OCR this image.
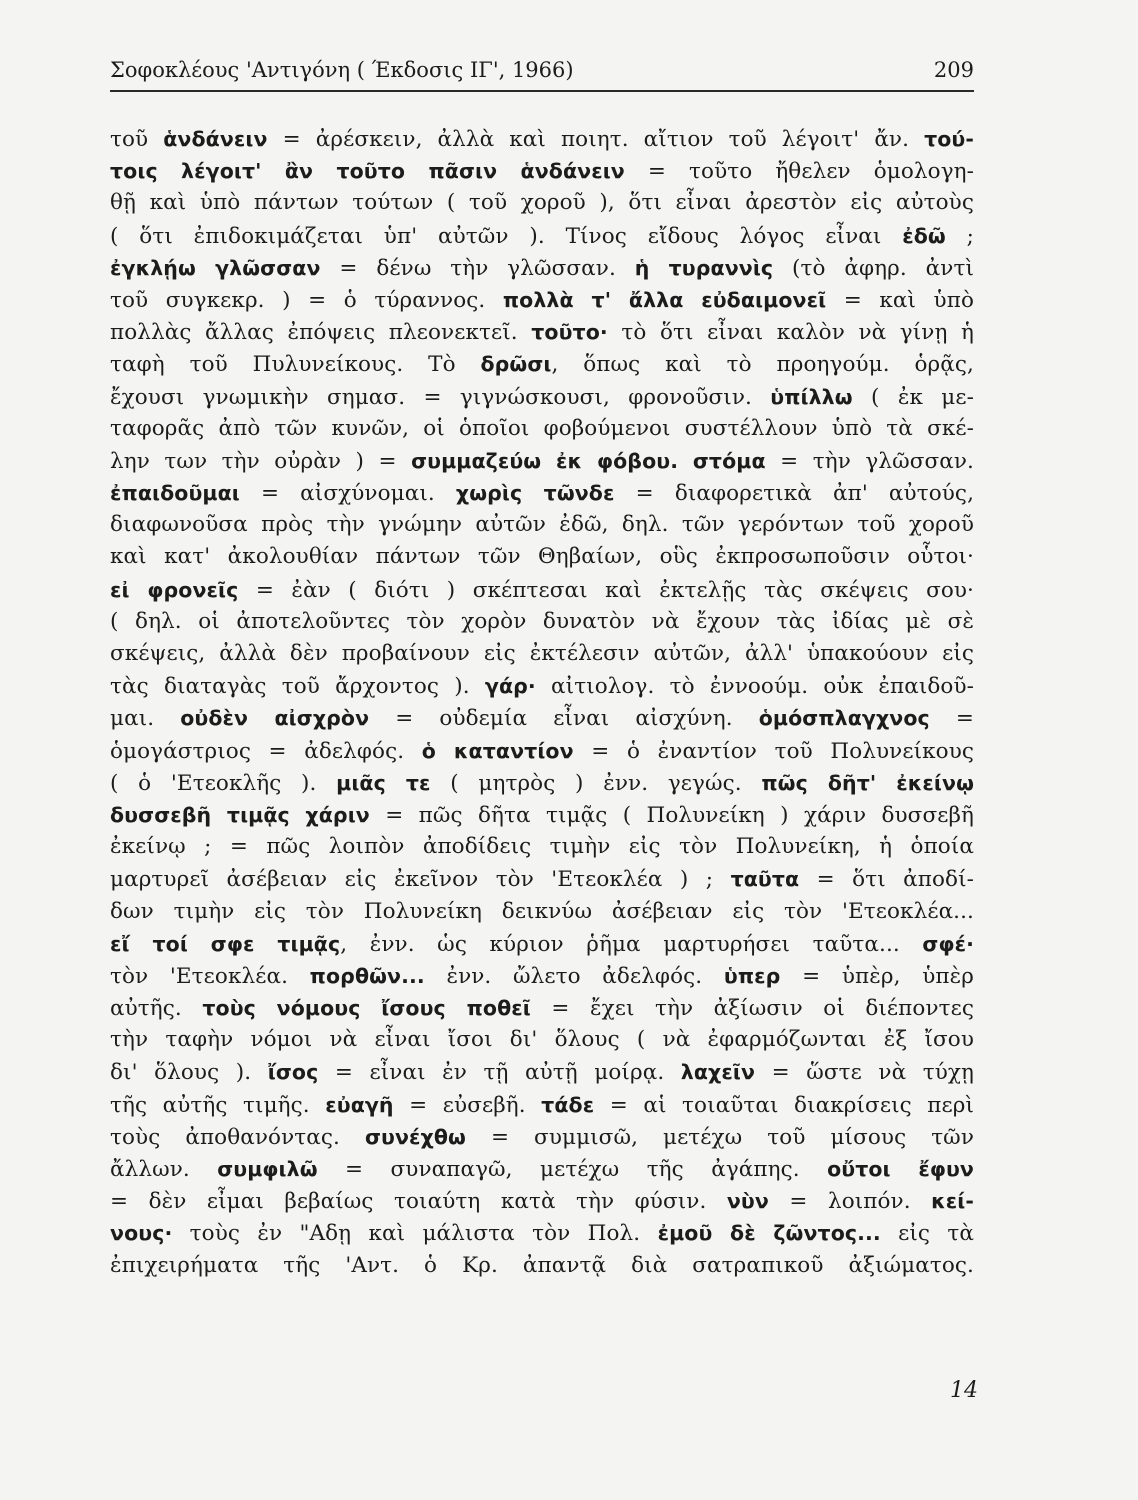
Σοφοκλέους 'Αντιγόνη ( Έκδοσις ΙΓ', 1966)	209
τοῦ ἁνδάνειν = ἀρέσκειν, ἀλλὰ καὶ ποιητ. αἴτιον τοῦ λέγοιτ' ἄν. τού-
τοις λέγοιτ' ἂν τοῦτο πᾶσιν ἁνδάνειν = τοῦτο ἤθελεν ὁμολογη-
θῇ καὶ ὑπὸ πάντων τούτων ( τοῦ χοροῦ ), ὅτι εἶναι ἀρεστὸν εἰς αὐτοὺς
( ὅτι ἐπιδοκιμάζεται ὑπ' αὐτῶν ). Τίνος εἴδους λόγος εἶναι ἐδῶ ;
ἐγκλῄω γλῶσσαν = δένω τὴν γλῶσσαν. ἡ τυραννὶς (τὸ ἀφηρ. ἀντὶ
τοῦ συγκεκρ. ) = ὁ τύραννος. πολλὰ τ' ἄλλα εὐδαιμονεῖ = καὶ ὑπὸ
πολλὰς ἄλλας ἐπόψεις πλεονεκτεῖ. τοῦτο· τὸ ὅτι εἶναι καλὸν νὰ γίνῃ ἡ
ταφὴ τοῦ Πυλυνείκους. Τὸ δρῶσι, ὅπως καὶ τὸ προηγούμ. ὁρᾷς,
ἔχουσι γνωμικὴν σημασ. = γιγνώσκουσι, φρονοῦσιν. ὑπίλλω ( ἐκ με-
ταφορᾶς ἀπὸ τῶν κυνῶν, οἱ ὁποῖοι φοβούμενοι συστέλλουν ὑπὸ τὰ σκέ-
λην των τὴν οὐρὰν ) = συμμαζεύω ἐκ φόβου. στόμα = τὴν γλῶσσαν.
ἐπαιδοῦμαι = αἰσχύνομαι. χωρὶς τῶνδε = διαφορετικὰ ἀπ' αὐτούς,
διαφωνοῦσα πρὸς τὴν γνώμην αὐτῶν ἐδῶ, δηλ. τῶν γερόντων τοῦ χοροῦ
καὶ κατ' ἀκολουθίαν πάντων τῶν Θηβαίων, οὓς ἐκπροσωποῦσιν οὗτοι·
εἰ φρονεῖς = ἐὰν ( διότι ) σκέπτεσαι καὶ ἐκτελῇς τὰς σκέψεις σου·
( δηλ. οἱ ἀποτελοῦντες τὸν χορὸν δυνατὸν νὰ ἔχουν τὰς ἰδίας μὲ σὲ
σκέψεις, ἀλλὰ δὲν προβαίνουν εἰς ἐκτέλεσιν αὐτῶν, ἀλλ' ὑπακούουν εἰς
τὰς διαταγὰς τοῦ ἄρχοντος ). γάρ· αἰτιολογ. τὸ ἐννοούμ. οὐκ ἐπαιδοῦ-
μαι. οὐδὲν αἰσχρὸν = οὐδεμία εἶναι αἰσχύνη. ὁμόσπλαγχνος =
ὁμογάστριος = ἀδελφός. ὁ καταντίον = ὁ ἐναντίον τοῦ Πολυνείκους
( ὁ 'Ετεοκλῆς ). μιᾶς τε ( μητρὸς ) ἐνν. γεγώς. πῶς δῆτ' ἐκείνῳ
δυσσεβῆ τιμᾷς χάριν = πῶς δῆτα τιμᾷς ( Πολυνείκη ) χάριν δυσσεβῆ
ἐκείνῳ ; = πῶς λοιπὸν ἀποδίδεις τιμὴν εἰς τὸν Πολυνείκη, ἡ ὁποία
μαρτυρεῖ ἀσέβειαν εἰς ἐκεῖνον τὸν 'Ετεοκλέα ) ; ταῦτα = ὅτι ἀποδί-
δων τιμὴν εἰς τὸν Πολυνείκη δεικνύω ἀσέβειαν εἰς τὸν 'Ετεοκλέα...
εἴ τοί σφε τιμᾷς, ἐνν. ὡς κύριον ῥῆμα μαρτυρήσει ταῦτα... σφέ·
τὸν 'Ετεοκλέα. πορθῶν... ἐνν. ὤλετο ἀδελφός. ὑπερ = ὑπὲρ, ὑπὲρ
αὐτῆς. τοὺς νόμους ἴσους ποθεῖ = ἔχει τὴν ἀξίωσιν οἱ διέποντες
τὴν ταφὴν νόμοι νὰ εἶναι ἴσοι δι' ὅλους ( νὰ ἐφαρμόζωνται ἐξ ἴσου
δι' ὅλους ). ἴσος = εἶναι ἐν τῇ αὐτῇ μοίρᾳ. λαχεῖν = ὥστε νὰ τύχῃ
τῆς αὐτῆς τιμῆς. εὐαγῆ = εὐσεβῆ. τάδε = αἱ τοιαῦται διακρίσεις περὶ
τοὺς ἀποθανόντας. συνέχθω = συμμισῶ, μετέχω τοῦ μίσους τῶν
ἄλλων. συμφιλῶ = συναπαγῶ, μετέχω τῆς ἀγάπης. οὔτοι ἔφυν
= δὲν εἶμαι βεβαίως τοιαύτη κατὰ τὴν φύσιν. νὺν = λοιπόν. κεί-
νους· τοὺς ἐν "Αδῃ καὶ μάλιστα τὸν Πολ. ἐμοῦ δὲ ζῶντος... εἰς τὰ
ἐπιχειρήματα τῆς 'Αντ. ὁ Κρ. ἀπαντᾷ διὰ σατραπικοῦ ἀξιώματος.
14
